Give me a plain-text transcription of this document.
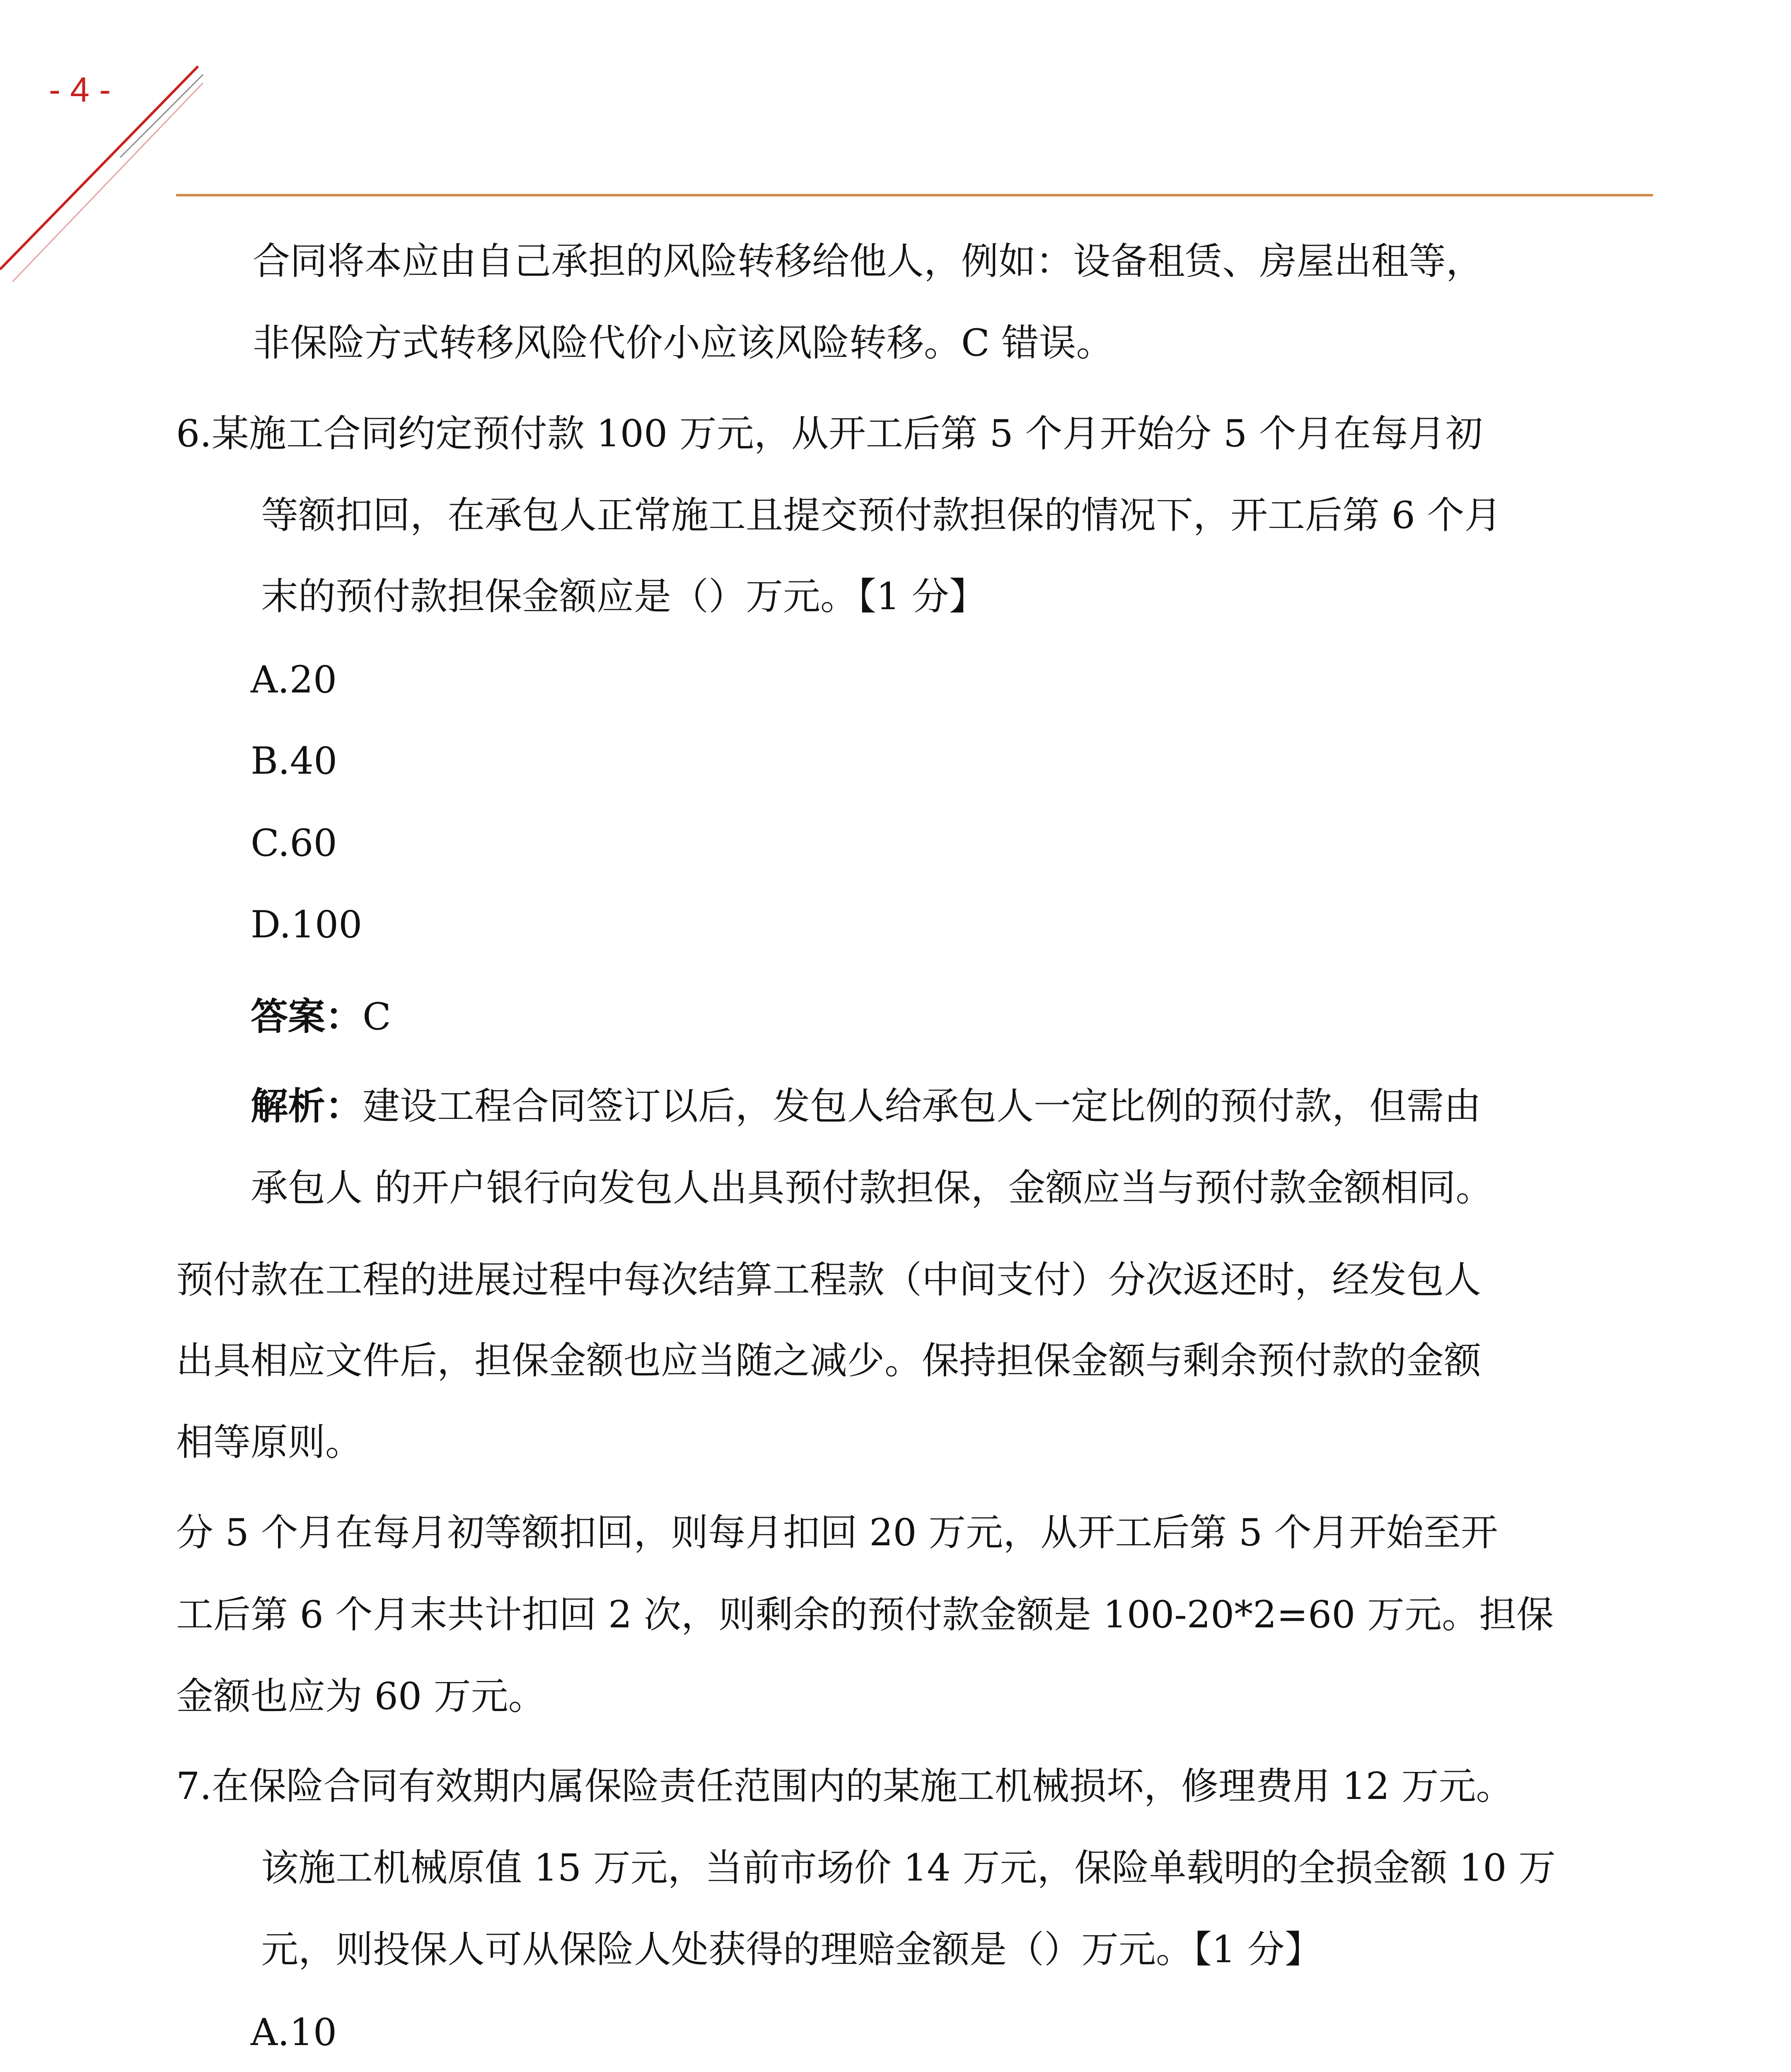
- 4 -
合同将本应由自己承担的风险转移给他人，例如：设备租赁、房屋出租等，
非保险方式转移风险代价小应该风险转移。C 错误。
6.某施工合同约定预付款 100 万元，从开工后第 5 个月开始分 5 个月在每月初
等额扣回，在承包人正常施工且提交预付款担保的情况下，开工后第 6 个月
末的预付款担保金额应是（）万元。【1 分】
A.20
B.40
C.60
D.100
答案：C
解析：建设工程合同签订以后，发包人给承包人一定比例的预付款，但需由
承包人 的开户银行向发包人出具预付款担保，金额应当与预付款金额相同。
预付款在工程的进展过程中每次结算工程款（中间支付）分次返还时，经发包人
出具相应文件后，担保金额也应当随之减少。保持担保金额与剩余预付款的金额
相等原则。
分 5 个月在每月初等额扣回，则每月扣回 20 万元，从开工后第 5 个月开始至开
工后第 6 个月末共计扣回 2 次，则剩余的预付款金额是 100-20*2=60 万元。担保
金额也应为 60 万元。
7.在保险合同有效期内属保险责任范围内的某施工机械损坏，修理费用 12 万元。
该施工机械原值 15 万元，当前市场价 14 万元，保险单载明的全损金额 10 万
元，则投保人可从保险人处获得的理赔金额是（）万元。【1 分】
A.10
